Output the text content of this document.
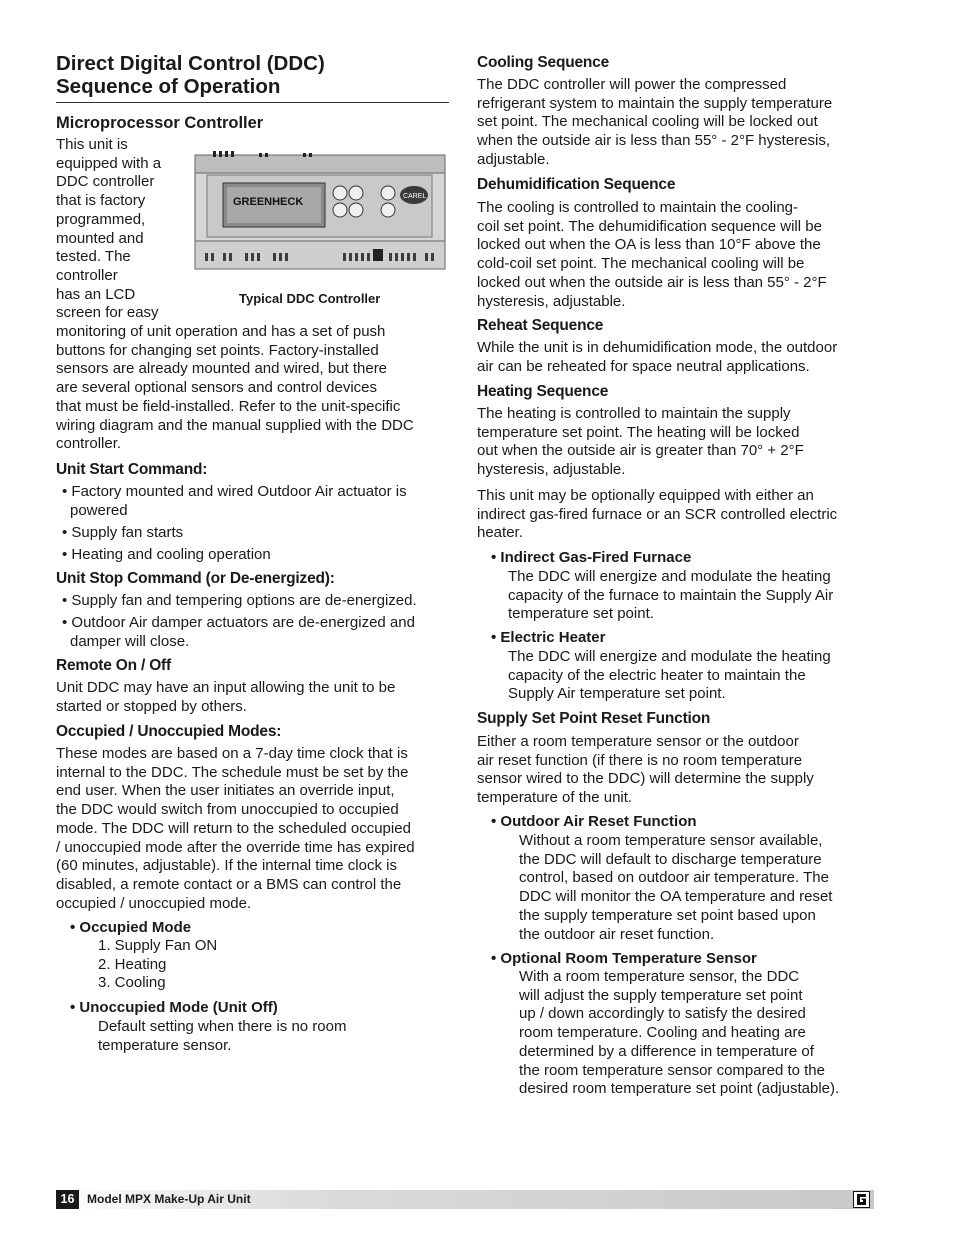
Direct Digital Control (DDC)
Sequence of Operation
Microprocessor Controller
This unit is
equipped with a
DDC controller
that is factory
programmed,
mounted and
tested. The
controller
has an LCD
screen for easy
GREENHECK	CAREL
Typical DDC Controller
monitoring of unit operation and has a set of push
buttons for changing set points. Factory-installed
sensors are already mounted and wired, but there
are several optional sensors and control devices
that must be field-installed. Refer to the unit-specific
wiring diagram and the manual supplied with the DDC
controller.
Unit Start Command:
• Factory mounted and wired Outdoor Air actuator is
powered
• Supply fan starts
• Heating and cooling operation
Unit Stop Command (or De-energized):
• Supply fan and tempering options are de-energized.
• Outdoor Air damper actuators are de-energized and
damper will close.
Remote On / Off
Unit DDC may have an input allowing the unit to be
started or stopped by others.
Occupied / Unoccupied Modes:
These modes are based on a 7-day time clock that is
internal to the DDC. The schedule must be set by the
end user. When the user initiates an override input,
the DDC would switch from unoccupied to occupied
mode. The DDC will return to the scheduled occupied
/ unoccupied mode after the override time has expired
(60 minutes, adjustable). If the internal time clock is
disabled, a remote contact or a BMS can control the
occupied / unoccupied mode.
• Occupied Mode
1. Supply Fan ON
2. Heating
3. Cooling
• Unoccupied Mode (Unit Off)
Default setting when there is no room
temperature sensor.
Cooling Sequence
The DDC controller will power the compressed
refrigerant system to maintain the supply temperature
set point. The mechanical cooling will be locked out
when the outside air is less than 55° - 2°F hysteresis,
adjustable.
Dehumidification Sequence
The cooling is controlled to maintain the cooling-
coil set point. The dehumidification sequence will be
locked out when the OA is less than 10°F above the
cold-coil set point. The mechanical cooling will be
locked out when the outside air is less than 55° - 2°F
hysteresis, adjustable.
Reheat Sequence
While the unit is in dehumidification mode, the outdoor
air can be reheated for space neutral applications.
Heating Sequence
The heating is controlled to maintain the supply
temperature set point. The heating will be locked
out when the outside air is greater than 70° + 2°F
hysteresis, adjustable.
This unit may be optionally equipped with either an
indirect gas-fired furnace or an SCR controlled electric
heater.
• Indirect Gas-Fired Furnace
The DDC will energize and modulate the heating
capacity of the furnace to maintain the Supply Air
temperature set point.
• Electric Heater
The DDC will energize and modulate the heating
capacity of the electric heater to maintain the
Supply Air temperature set point.
Supply Set Point Reset Function
Either a room temperature sensor or the outdoor
air reset function (if there is no room temperature
sensor wired to the DDC) will determine the supply
temperature of the unit.
• Outdoor Air Reset Function
Without a room temperature sensor available,
the DDC will default to discharge temperature
control, based on outdoor air temperature. The
DDC will monitor the OA temperature and reset
the supply temperature set point based upon
the outdoor air reset function.
• Optional Room Temperature Sensor
With a room temperature sensor, the DDC
will adjust the supply temperature set point
up / down accordingly to satisfy the desired
room temperature. Cooling and heating are
determined by a difference in temperature of
the room temperature sensor compared to the
desired room temperature set point (adjustable).
16	Model MPX Make-Up Air Unit
